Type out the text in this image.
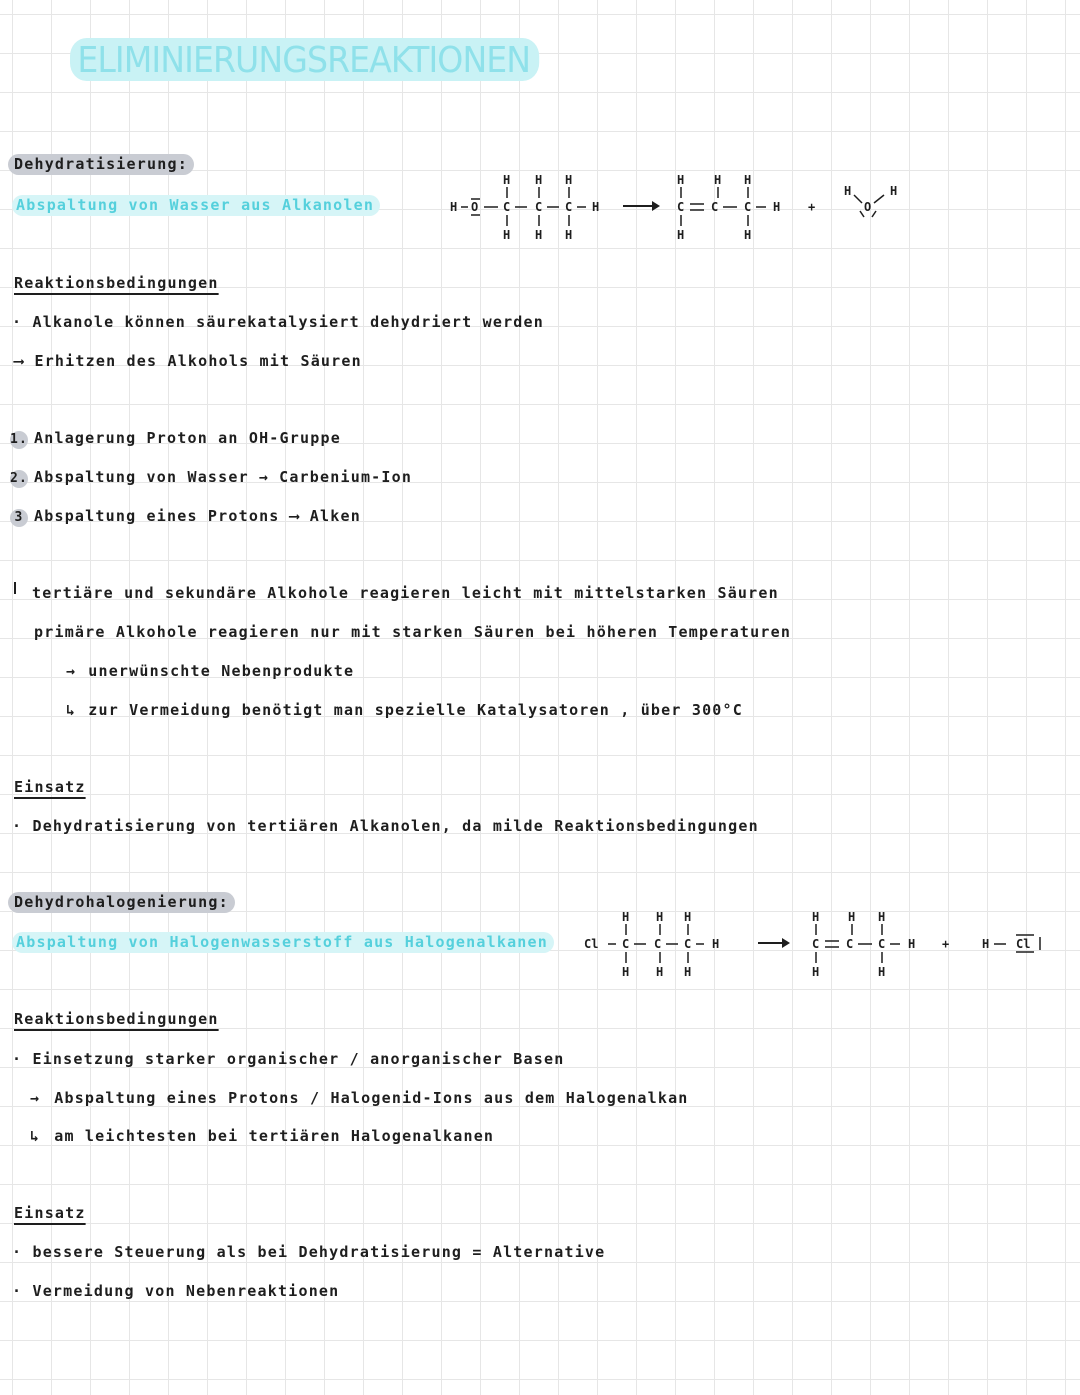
ELIMINIERUNGSREAKTIONEN
Dehydratisierung:
Abspaltung von Wasser aus Alkanolen	H O C C C H
H H H
H H H
C C C H
H H H
H	H
+
H
O
H
Reaktionsbedingungen
· Alkanole können säurekatalysiert dehydriert werden
⟶ Erhitzen des Alkohols mit Säuren
1. Anlagerung Proton an OH-Gruppe
2. Abspaltung von Wasser → Carbenium-Ion
3 Abspaltung eines Protons ⟶ Alken
tertiäre und sekundäre Alkohole reagieren leicht mit mittelstarken Säuren
primäre Alkohole reagieren nur mit starken Säuren bei höheren Temperaturen
→ unerwünschte Nebenprodukte
↳ zur Vermeidung benötigt man spezielle Katalysatoren , über 300°C
Einsatz
· Dehydratisierung von tertiären Alkanolen, da milde Reaktionsbedingungen
Dehydrohalogenierung:
Abspaltung von Halogenwasserstoff aus Halogenalkanen	Cl C C C H
H H H
H H H
C C C H
H H H
H	H
+	H Cl
Reaktionsbedingungen
· Einsetzung starker organischer / anorganischer Basen
→ Abspaltung eines Protons / Halogenid-Ions aus dem Halogenalkan
↳ am leichtesten bei tertiären Halogenalkanen
Einsatz
· bessere Steuerung als bei Dehydratisierung = Alternative
· Vermeidung von Nebenreaktionen
